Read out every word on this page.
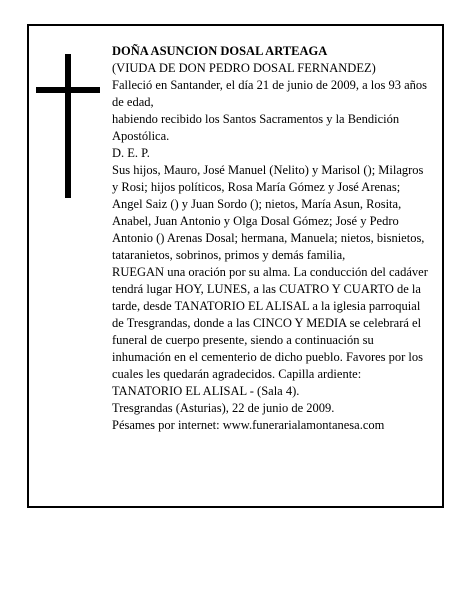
DOÑA ASUNCION DOSAL ARTEAGA
(VIUDA DE DON PEDRO DOSAL FERNANDEZ)
Falleció en Santander, el día 21 de junio de 2009, a los 93 años de edad,
habiendo recibido los Santos Sacramentos y la Bendición Apostólica.
D. E. P.
Sus hijos, Mauro, José Manuel (Nelito) y Marisol (); Milagros y Rosi; hijos políticos, Rosa María Gómez y José Arenas; Angel Saiz () y Juan Sordo (); nietos, María Asun, Rosita, Anabel, Juan Antonio y Olga Dosal Gómez; José y Pedro Antonio () Arenas Dosal; hermana, Manuela; nietos, bisnietos, tataranietos, sobrinos, primos y demás familia,
RUEGAN una oración por su alma. La conducción del cadáver tendrá lugar HOY, LUNES, a las CUATRO Y CUARTO de la tarde, desde TANATORIO EL ALISAL a la iglesia parroquial de Tresgrandas, donde a las CINCO Y MEDIA se celebrará el funeral de cuerpo presente, siendo a continuación su inhumación en el cementerio de dicho pueblo. Favores por los cuales les quedarán agradecidos. Capilla ardiente: TANATORIO EL ALISAL - (Sala 4).
Tresgrandas (Asturias), 22 de junio de 2009.
Pésames por internet: www.funerarialamontanesa.com
